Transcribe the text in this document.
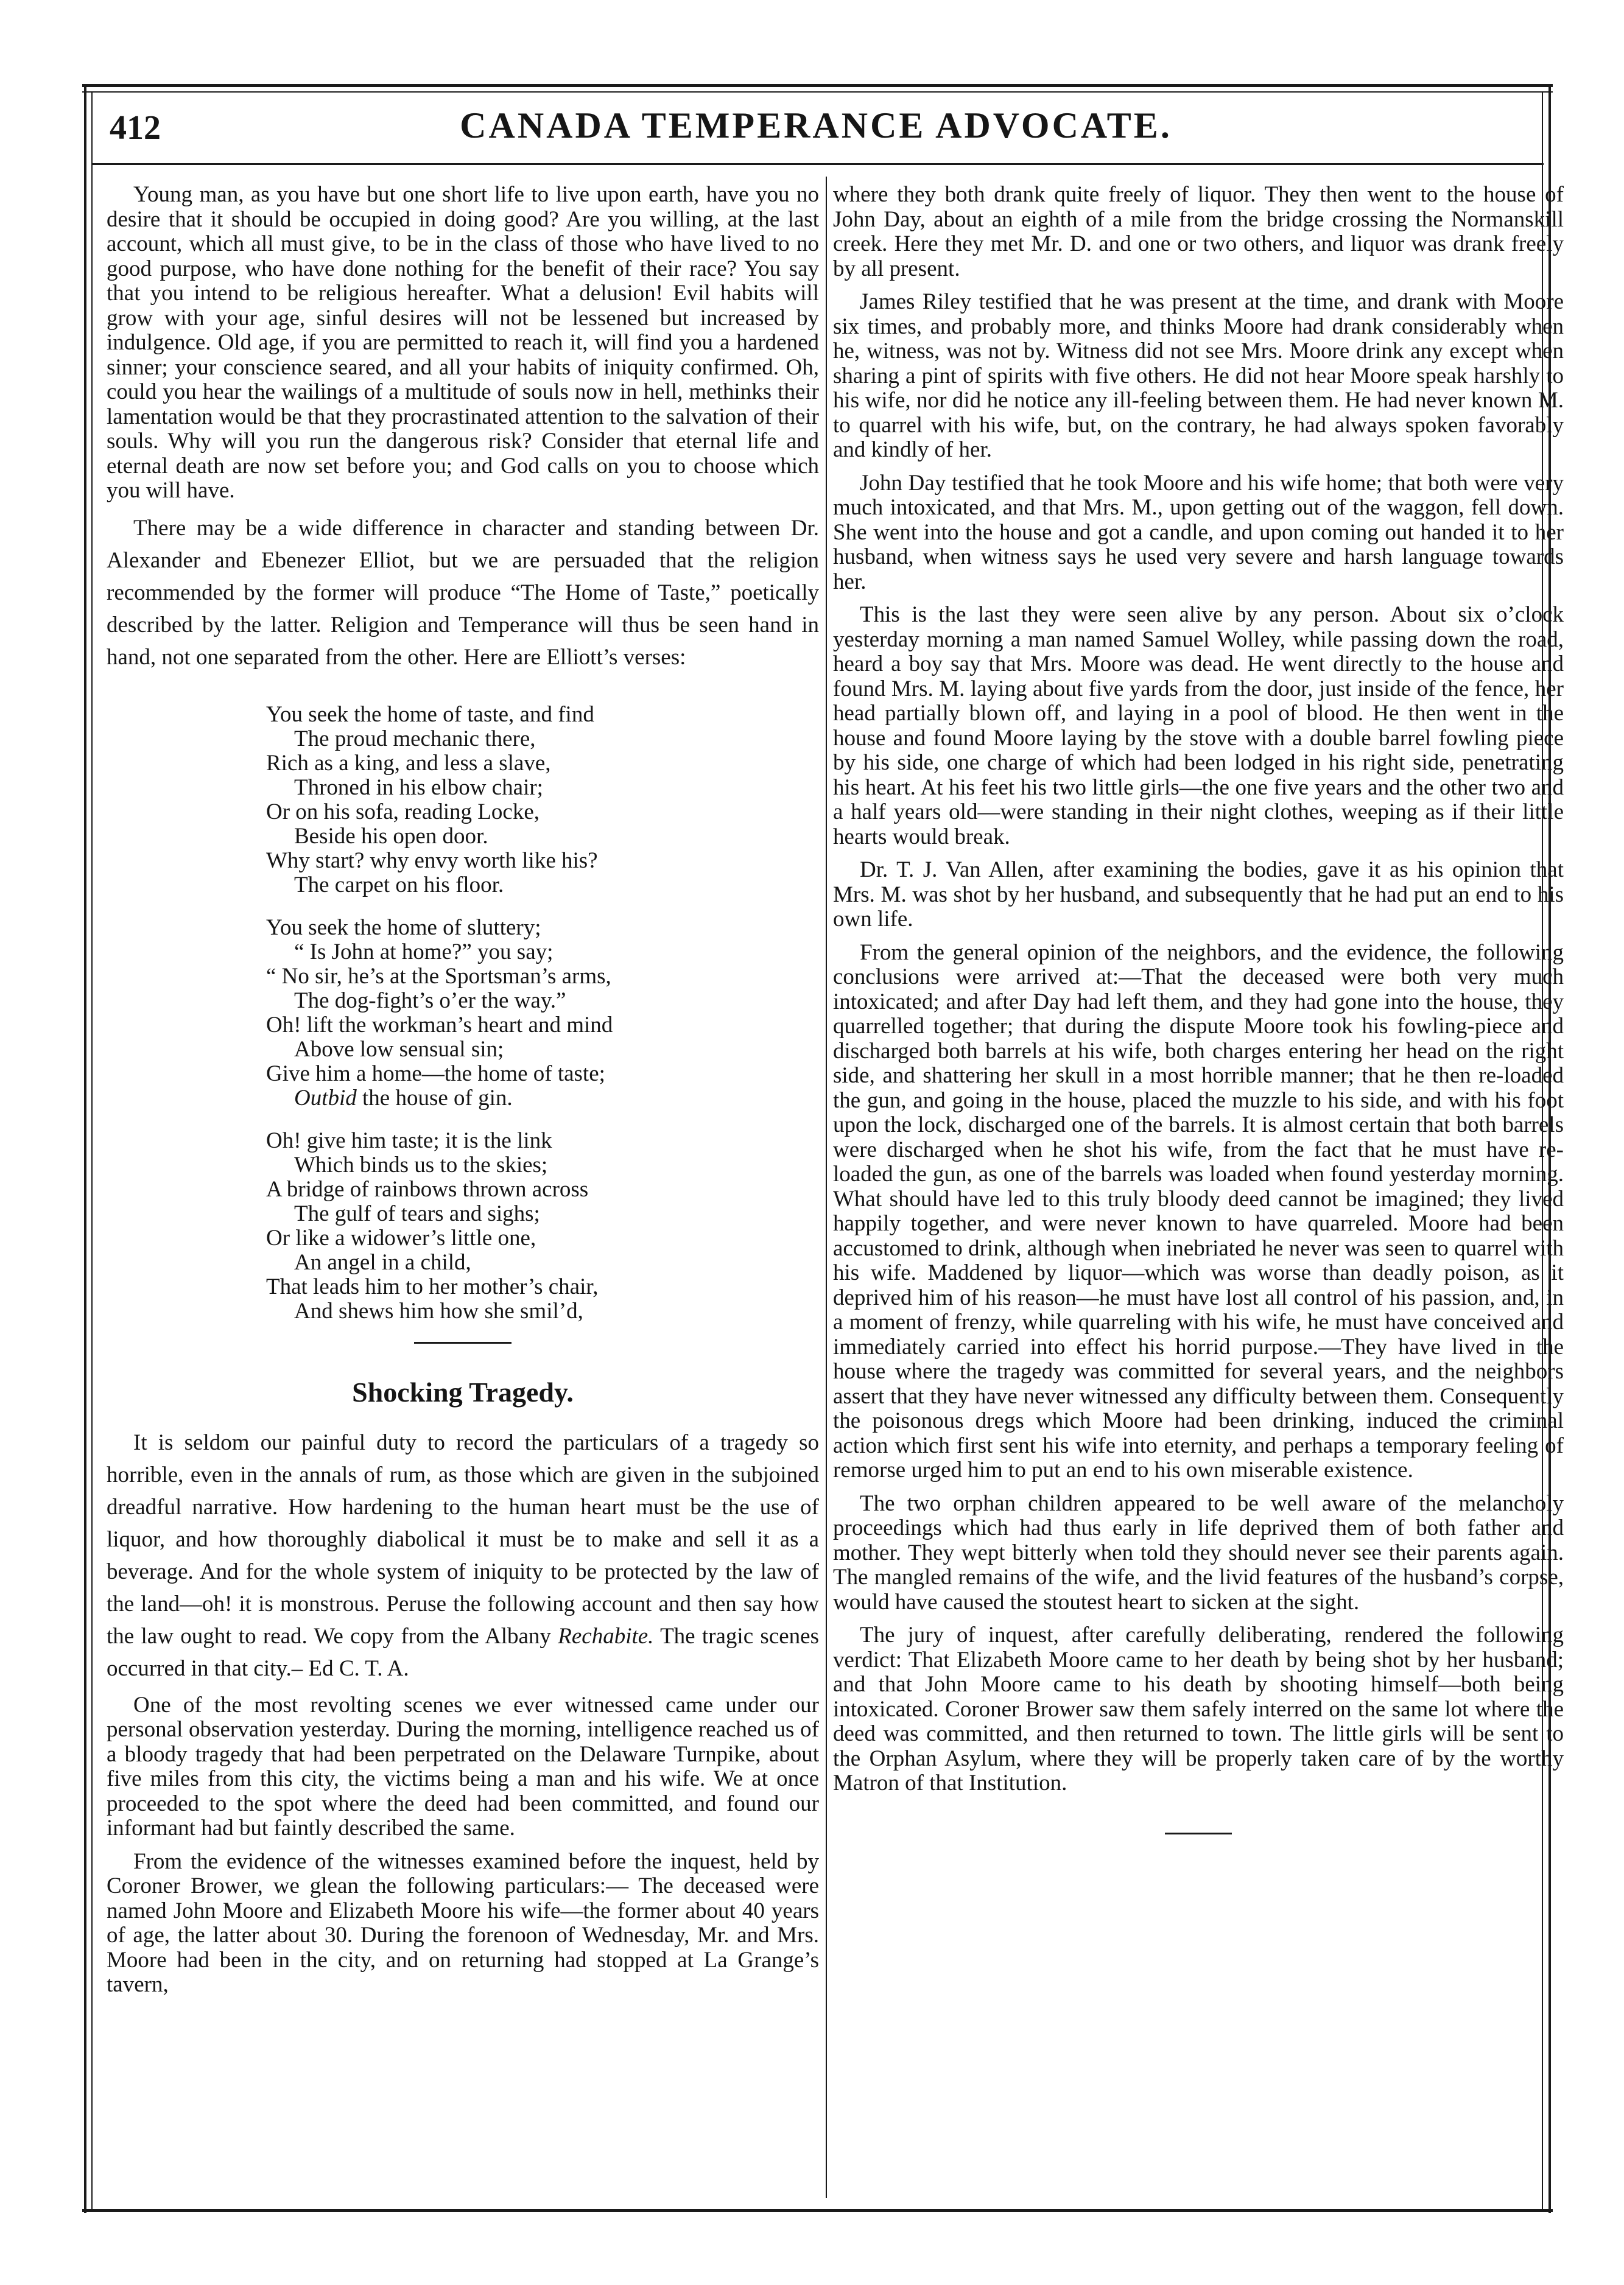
412	CANADA TEMPERANCE ADVOCATE.

Young man, as you have but one short life to live upon earth, have you no desire that it should be occupied in doing good? Are you willing, at the last account, which all must give, to be in the class of those who have lived to no good purpose, who have done nothing for the benefit of their race? You say that you intend to be religious hereafter. What a delusion! Evil habits will grow with your age, sinful desires will not be lessened but increased by indulgence. Old age, if you are permitted to reach it, will find you a hardened sinner; your conscience seared, and all your habits of iniquity confirmed. Oh, could you hear the wailings of a multitude of souls now in hell, methinks their lamentation would be that they procrastinated attention to the salvation of their souls. Why will you run the dangerous risk? Consider that eternal life and eternal death are now set before you; and God calls on you to choose which you will have.

There may be a wide difference in character and standing between Dr. Alexander and Ebenezer Elliot, but we are persuaded that the religion recommended by the former will produce “The Home of Taste,” poetically described by the latter. Religion and Temperance will thus be seen hand in hand, not one separated from the other. Here are Elliott’s verses:

You seek the home of taste, and find
The proud mechanic there,
Rich as a king, and less a slave,
Throned in his elbow chair;
Or on his sofa, reading Locke,
Beside his open door.
Why start? why envy worth like his?
The carpet on his floor.
You seek the home of sluttery;
“ Is John at home?” you say;
“ No sir, he’s at the Sportsman’s arms,
The dog-fight’s o’er the way.”
Oh! lift the workman’s heart and mind
Above low sensual sin;
Give him a home—the home of taste;
Outbid the house of gin.
Oh! give him taste; it is the link
Which binds us to the skies;
A bridge of rainbows thrown across
The gulf of tears and sighs;
Or like a widower’s little one,
An angel in a child,
That leads him to her mother’s chair,
And shews him how she smil’d,
Shocking Tragedy.

It is seldom our painful duty to record the particulars of a tragedy so horrible, even in the annals of rum, as those which are given in the subjoined dreadful narrative. How hardening to the human heart must be the use of liquor, and how thoroughly diabolical it must be to make and sell it as a beverage. And for the whole system of iniquity to be protected by the law of the land—oh! it is monstrous. Peruse the following account and then say how the law ought to read. We copy from the Albany Rechabite. The tragic scenes occurred in that city.– Ed C. T. A.

One of the most revolting scenes we ever witnessed came under our personal observation yesterday. During the morning, intelligence reached us of a bloody tragedy that had been perpetrated on the Delaware Turnpike, about five miles from this city, the victims being a man and his wife. We at once proceeded to the spot where the deed had been committed, and found our informant had but faintly described the same.

From the evidence of the witnesses examined before the inquest, held by Coroner Brower, we glean the following particulars:— The deceased were named John Moore and Elizabeth Moore his wife—the former about 40 years of age, the latter about 30. During the forenoon of Wednesday, Mr. and Mrs. Moore had been in the city, and on returning had stopped at La Grange’s tavern,

where they both drank quite freely of liquor. They then went to the house of John Day, about an eighth of a mile from the bridge crossing the Normanskill creek. Here they met Mr. D. and one or two others, and liquor was drank freely by all present.

James Riley testified that he was present at the time, and drank with Moore six times, and probably more, and thinks Moore had drank considerably when he, witness, was not by. Witness did not see Mrs. Moore drink any except when sharing a pint of spirits with five others. He did not hear Moore speak harshly to his wife, nor did he notice any ill-feeling between them. He had never known M. to quarrel with his wife, but, on the contrary, he had always spoken favorably and kindly of her.

John Day testified that he took Moore and his wife home; that both were very much intoxicated, and that Mrs. M., upon getting out of the waggon, fell down. She went into the house and got a candle, and upon coming out handed it to her husband, when witness says he used very severe and harsh language towards her.

This is the last they were seen alive by any person. About six o’clock yesterday morning a man named Samuel Wolley, while passing down the road, heard a boy say that Mrs. Moore was dead. He went directly to the house and found Mrs. M. laying about five yards from the door, just inside of the fence, her head partially blown off, and laying in a pool of blood. He then went in the house and found Moore laying by the stove with a double barrel fowling piece by his side, one charge of which had been lodged in his right side, penetrating his heart. At his feet his two little girls—the one five years and the other two and a half years old—were standing in their night clothes, weeping as if their little hearts would break.

Dr. T. J. Van Allen, after examining the bodies, gave it as his opinion that Mrs. M. was shot by her husband, and subsequently that he had put an end to his own life.

From the general opinion of the neighbors, and the evidence, the following conclusions were arrived at:—That the deceased were both very much intoxicated; and after Day had left them, and they had gone into the house, they quarrelled together; that during the dispute Moore took his fowling-piece and discharged both barrels at his wife, both charges entering her head on the right side, and shattering her skull in a most horrible manner; that he then re-loaded the gun, and going in the house, placed the muzzle to his side, and with his foot upon the lock, discharged one of the barrels. It is almost certain that both barrels were discharged when he shot his wife, from the fact that he must have re-loaded the gun, as one of the barrels was loaded when found yesterday morning. What should have led to this truly bloody deed cannot be imagined; they lived happily together, and were never known to have quarreled. Moore had been accustomed to drink, although when inebriated he never was seen to quarrel with his wife. Maddened by liquor—which was worse than deadly poison, as it deprived him of his reason—he must have lost all control of his passion, and, in a moment of frenzy, while quarreling with his wife, he must have conceived and immediately carried into effect his horrid purpose.—They have lived in the house where the tragedy was committed for several years, and the neighbors assert that they have never witnessed any difficulty between them. Consequently the poisonous dregs which Moore had been drinking, induced the criminal action which first sent his wife into eternity, and perhaps a temporary feeling of remorse urged him to put an end to his own miserable existence.

The two orphan children appeared to be well aware of the melancholy proceedings which had thus early in life deprived them of both father and mother. They wept bitterly when told they should never see their parents again. The mangled remains of the wife, and the livid features of the husband’s corpse, would have caused the stoutest heart to sicken at the sight.

The jury of inquest, after carefully deliberating, rendered the following verdict: That Elizabeth Moore came to her death by being shot by her husband; and that John Moore came to his death by shooting himself—both being intoxicated. Coroner Brower saw them safely interred on the same lot where the deed was committed, and then returned to town. The little girls will be sent to the Orphan Asylum, where they will be properly taken care of by the worthy Matron of that Institution.
